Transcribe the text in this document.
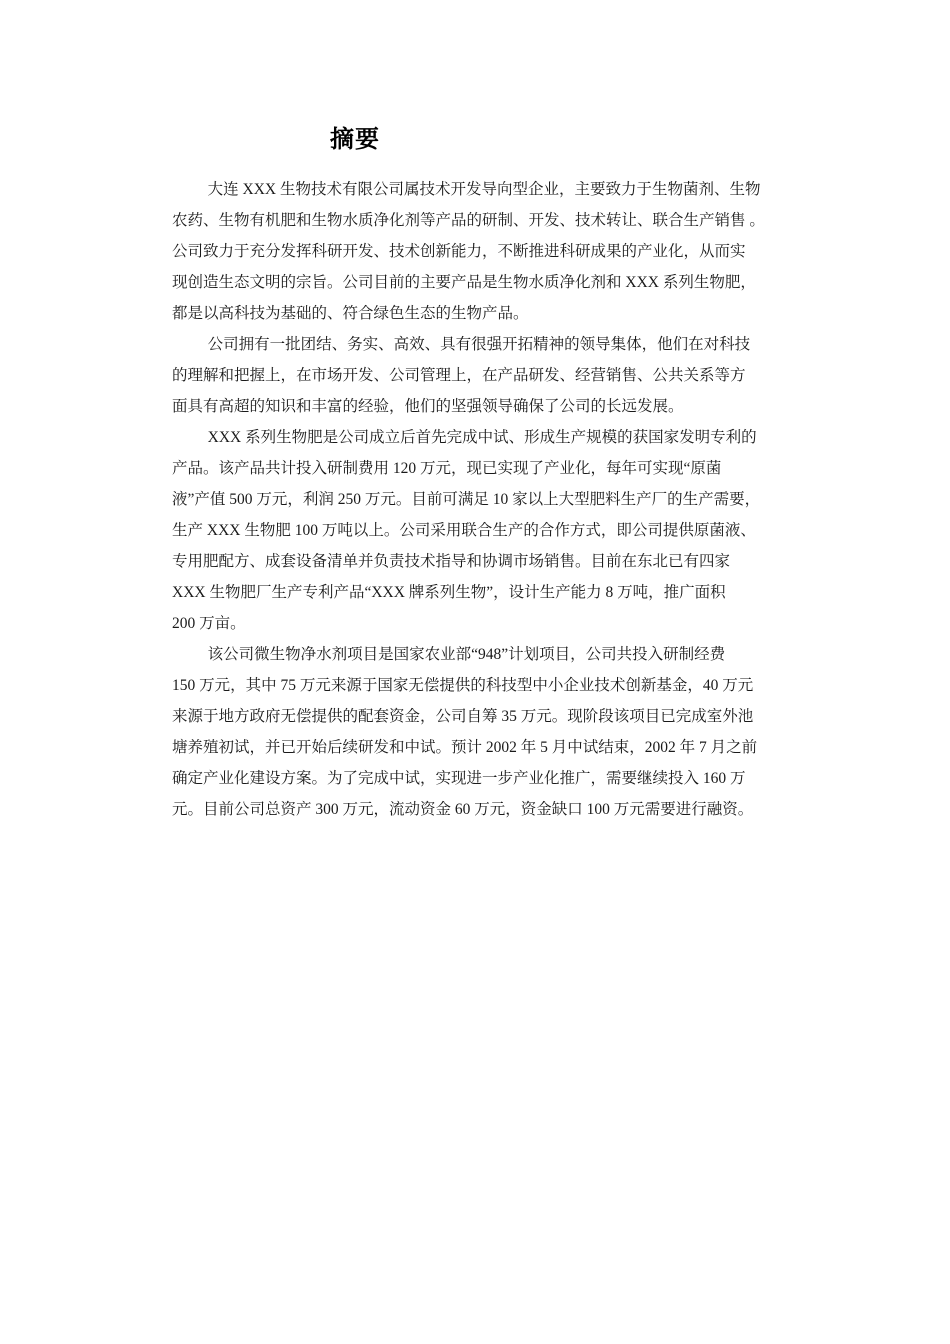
摘要
大连 XXX 生物技术有限公司属技术开发导向型企业，主要致力于生物菌剂、生物
农药、生物有机肥和生物水质净化剂等产品的研制、开发、技术转让、联合生产销售 。
公司致力于充分发挥科研开发、技术创新能力，不断推进科研成果的产业化，从而实
现创造生态文明的宗旨。公司目前的主要产品是生物水质净化剂和 XXX 系列生物肥，
都是以高科技为基础的、符合绿色生态的生物产品。
公司拥有一批团结、务实、高效、具有很强开拓精神的领导集体，他们在对科技
的理解和把握上，在市场开发、公司管理上，在产品研发、经营销售、公共关系等方
面具有高超的知识和丰富的经验，他们的坚强领导确保了公司的长远发展。
XXX 系列生物肥是公司成立后首先完成中试、形成生产规模的获国家发明专利的
产品。该产品共计投入研制费用 120 万元，现已实现了产业化，每年可实现“原菌
液”产值 500 万元，利润 250 万元。目前可满足 10 家以上大型肥料生产厂的生产需要，
生产 XXX 生物肥 100 万吨以上。公司采用联合生产的合作方式，即公司提供原菌液、
专用肥配方、成套设备清单并负责技术指导和协调市场销售。目前在东北已有四家
XXX 生物肥厂生产专利产品“XXX 牌系列生物”，设计生产能力 8 万吨，推广面积
200 万亩。
该公司微生物净水剂项目是国家农业部“948”计划项目，公司共投入研制经费
150 万元，其中 75 万元来源于国家无偿提供的科技型中小企业技术创新基金，40 万元
来源于地方政府无偿提供的配套资金，公司自筹 35 万元。现阶段该项目已完成室外池
塘养殖初试，并已开始后续研发和中试。预计 2002 年 5 月中试结束，2002 年 7 月之前
确定产业化建设方案。为了完成中试，实现进一步产业化推广，需要继续投入 160 万
元。目前公司总资产 300 万元，流动资金 60 万元，资金缺口 100 万元需要进行融资。
